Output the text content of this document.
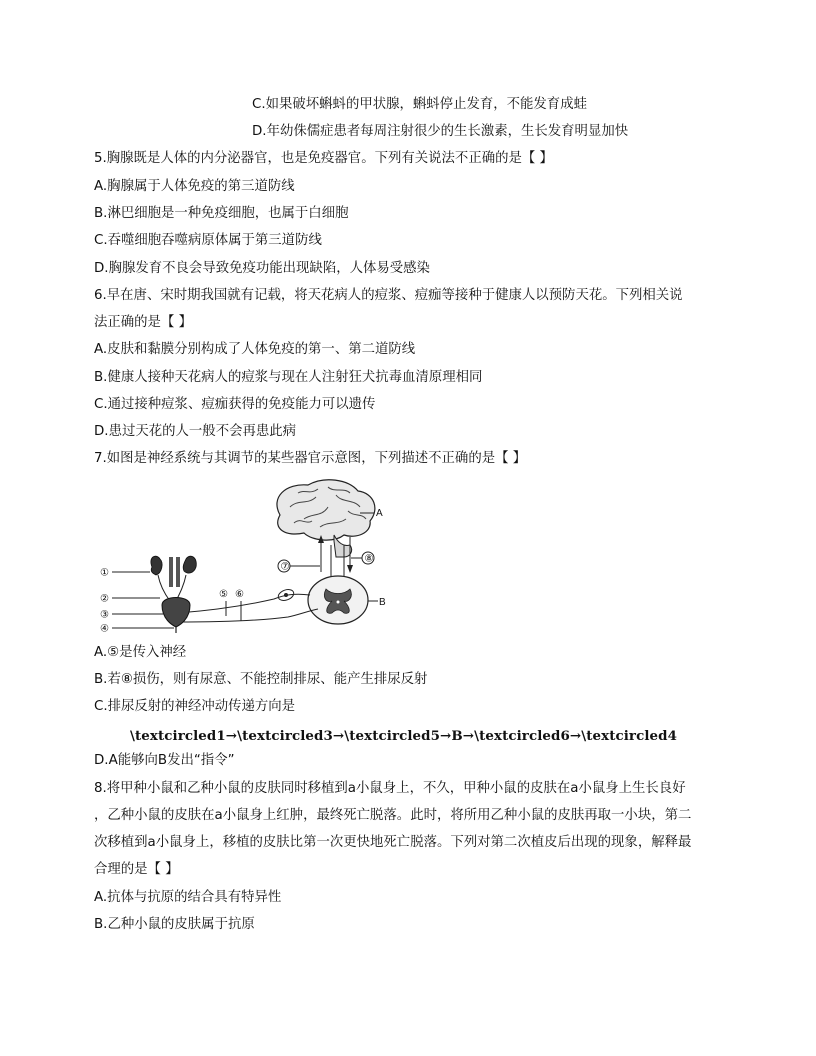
C.如果破坏蝌蚪的甲状腺，蝌蚪停止发育，不能发育成蛙
D.年幼侏儒症患者每周注射很少的生长激素，生长发育明显加快
5.胸腺既是人体的内分泌器官，也是免疫器官。下列有关说法不正确的是【 】
A.胸腺属于人体免疫的第三道防线
B.淋巴细胞是一种免疫细胞，也属于白细胞
C.吞噬细胞吞噬病原体属于第三道防线
D.胸腺发育不良会导致免疫功能出现缺陷，人体易受感染
6.早在唐、宋时期我国就有记载，将天花病人的痘浆、痘痂等接种于健康人以预防天花。下列相关说
法正确的是【 】
A.皮肤和黏膜分别构成了人体免疫的第一、第二道防线
B.健康人接种天花病人的痘浆与现在人注射狂犬抗毒血清原理相同
C.通过接种痘浆、痘痂获得的免疫能力可以遗传
D.患过天花的人一般不会再患此病
7.如图是神经系统与其调节的某些器官示意图，下列描述不正确的是【 】
A
⑦
⑧
B
⑤ ⑥
①
②
③
④
A.⑤是传入神经
B.若⑧损伤，则有尿意、不能控制排尿、能产生排尿反射
C.排尿反射的神经冲动传递方向是
\textcircled1→\textcircled3→\textcircled5→B→\textcircled6→\textcircled4
D.A能够向B发出“指令”
8.将甲种小鼠和乙种小鼠的皮肤同时移植到a小鼠身上，不久，甲种小鼠的皮肤在a小鼠身上生长良好
，乙种小鼠的皮肤在a小鼠身上红肿，最终死亡脱落。此时，将所用乙种小鼠的皮肤再取一小块，第二
次移植到a小鼠身上，移植的皮肤比第一次更快地死亡脱落。下列对第二次植皮后出现的现象，解释最
合理的是【 】
A.抗体与抗原的结合具有特异性
B.乙种小鼠的皮肤属于抗原
